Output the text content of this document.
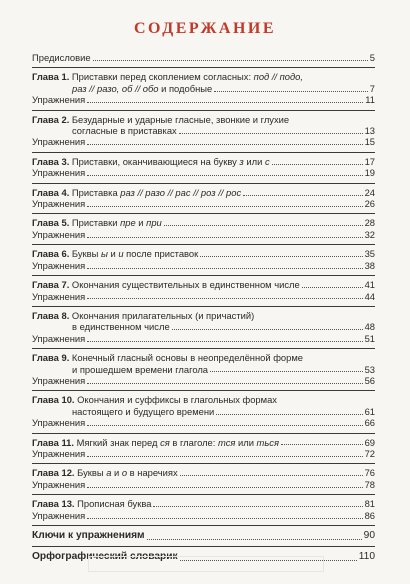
СОДЕРЖАНИЕ
Предисловие	5
Глава 1. Приставки перед скоплением согласных: под // подо,
раз // разо, об // обо и подобные	7
Упражнения	11
Глава 2. Безударные и ударные гласные, звонкие и глухие
согласные в приставках	13
Упражнения	15
Глава 3. Приставки, оканчивающиеся на букву з или с	17
Упражнения	19
Глава 4. Приставка раз // разо // рас // роз // рос	24
Упражнения	26
Глава 5. Приставки пре и при	28
Упражнения	32
Глава 6. Буквы ы и и после приставок	35
Упражнения	38
Глава 7. Окончания существительных в единственном числе	41
Упражнения	44
Глава 8. Окончания прилагательных (и причастий)
в единственном числе	48
Упражнения	51
Глава 9. Конечный гласный основы в неопределённой форме
и прошедшем времени глагола	53
Упражнения	56
Глава 10. Окончания и суффиксы в глагольных формах
настоящего и будущего времени	61
Упражнения	66
Глава 11. Мягкий знак перед ся в глаголе: тся или ться	69
Упражнения	72
Глава 12. Буквы а и о в наречиях	76
Упражнения	78
Глава 13. Прописная буква	81
Упражнения	86
Ключи к упражнениям	90
Орфографический словарик	110
